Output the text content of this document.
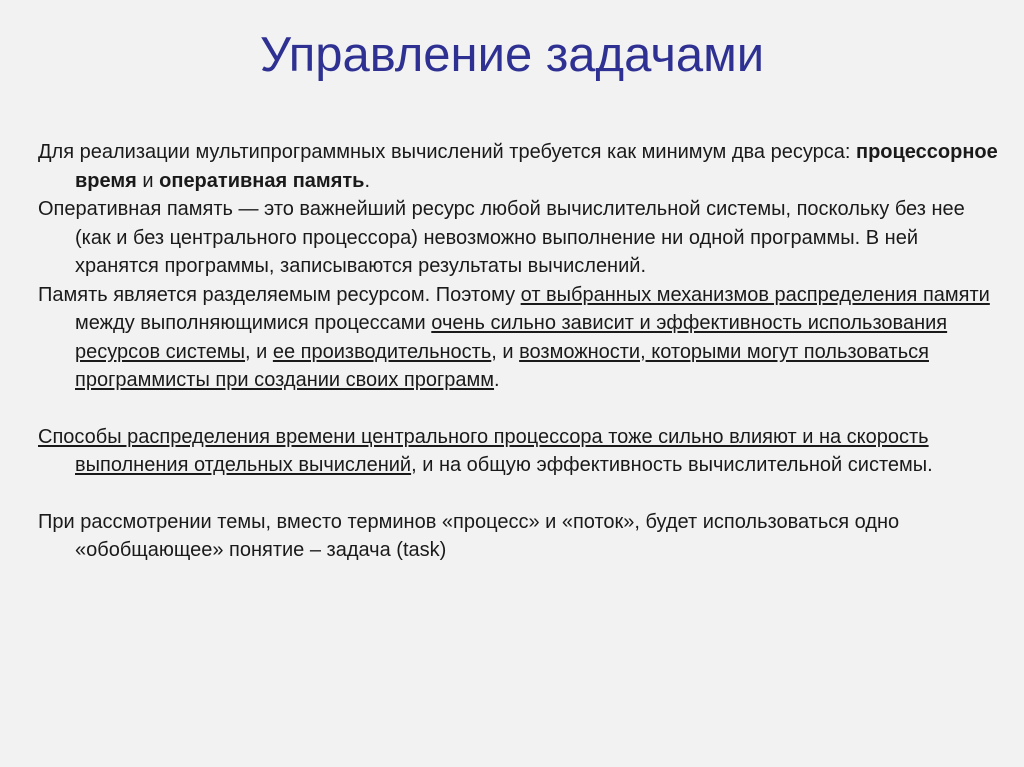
Управление задачами

Для реализации мультипрограммных вычислений требуется как минимум два ресурса: процессорное время и оперативная память.

Оперативная память — это важнейший ресурс любой вычислительной системы, поскольку без нее (как и без центрального процессора) невозможно выполнение ни одной программы. В ней хранятся программы, записываются результаты вычислений.

Память является разделяемым ресурсом. Поэтому от выбранных механизмов распределения памяти между выполняющимися процессами очень сильно зависит и эффективность использования ресурсов системы, и ее производительность, и возможности, которыми могут пользоваться программисты при создании своих программ.

Способы распределения времени центрального процессора тоже сильно влияют и на скорость выполнения отдельных вычислений, и на общую эффективность вычислительной системы.

При рассмотрении темы, вместо терминов «процесс» и «поток», будет использоваться одно «обобщающее» понятие – задача (task)
